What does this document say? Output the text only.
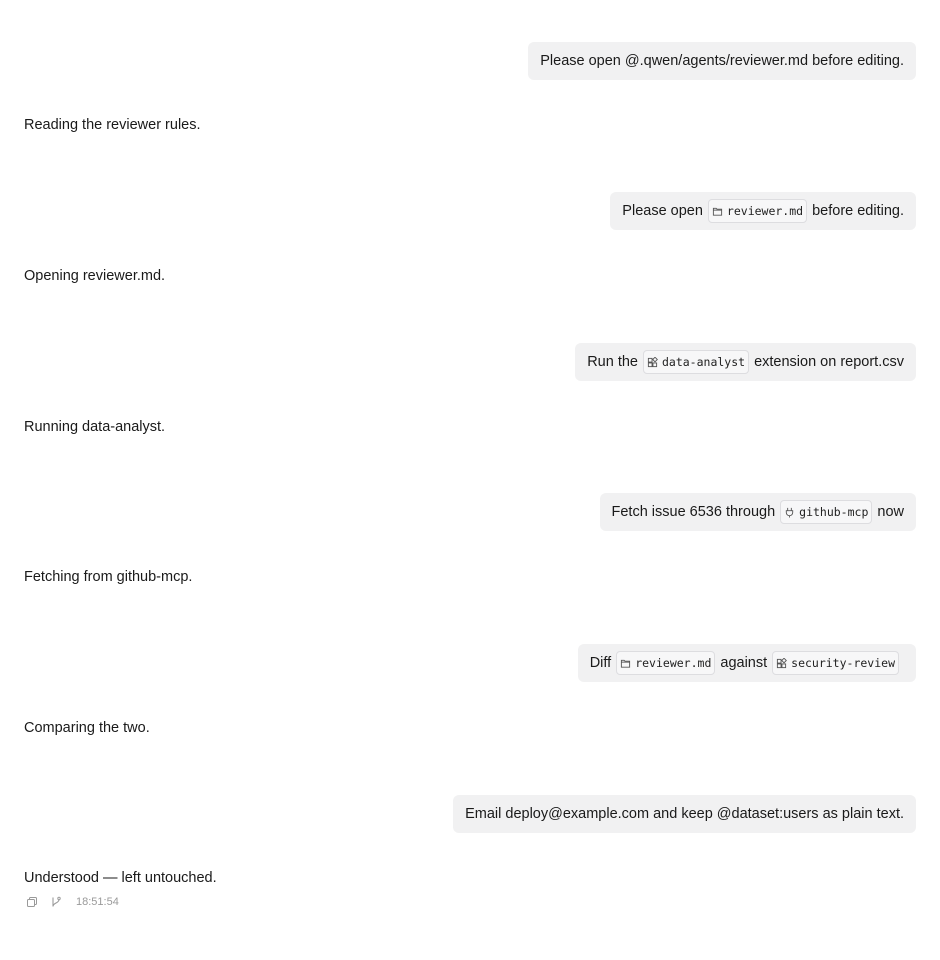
Please open @.qwen/agents/reviewer.md before editing.
Reading the reviewer rules.
Please open reviewer.md before editing.
Opening reviewer.md.
Run the data-analyst extension on report.csv
Running data-analyst.
Fetch issue 6536 through github-mcp now
Fetching from github-mcp.
Diff reviewer.md against security-review
Comparing the two.
Email deploy@example.com and keep @dataset:users as plain text.
Understood — left untouched.
18:51:54
